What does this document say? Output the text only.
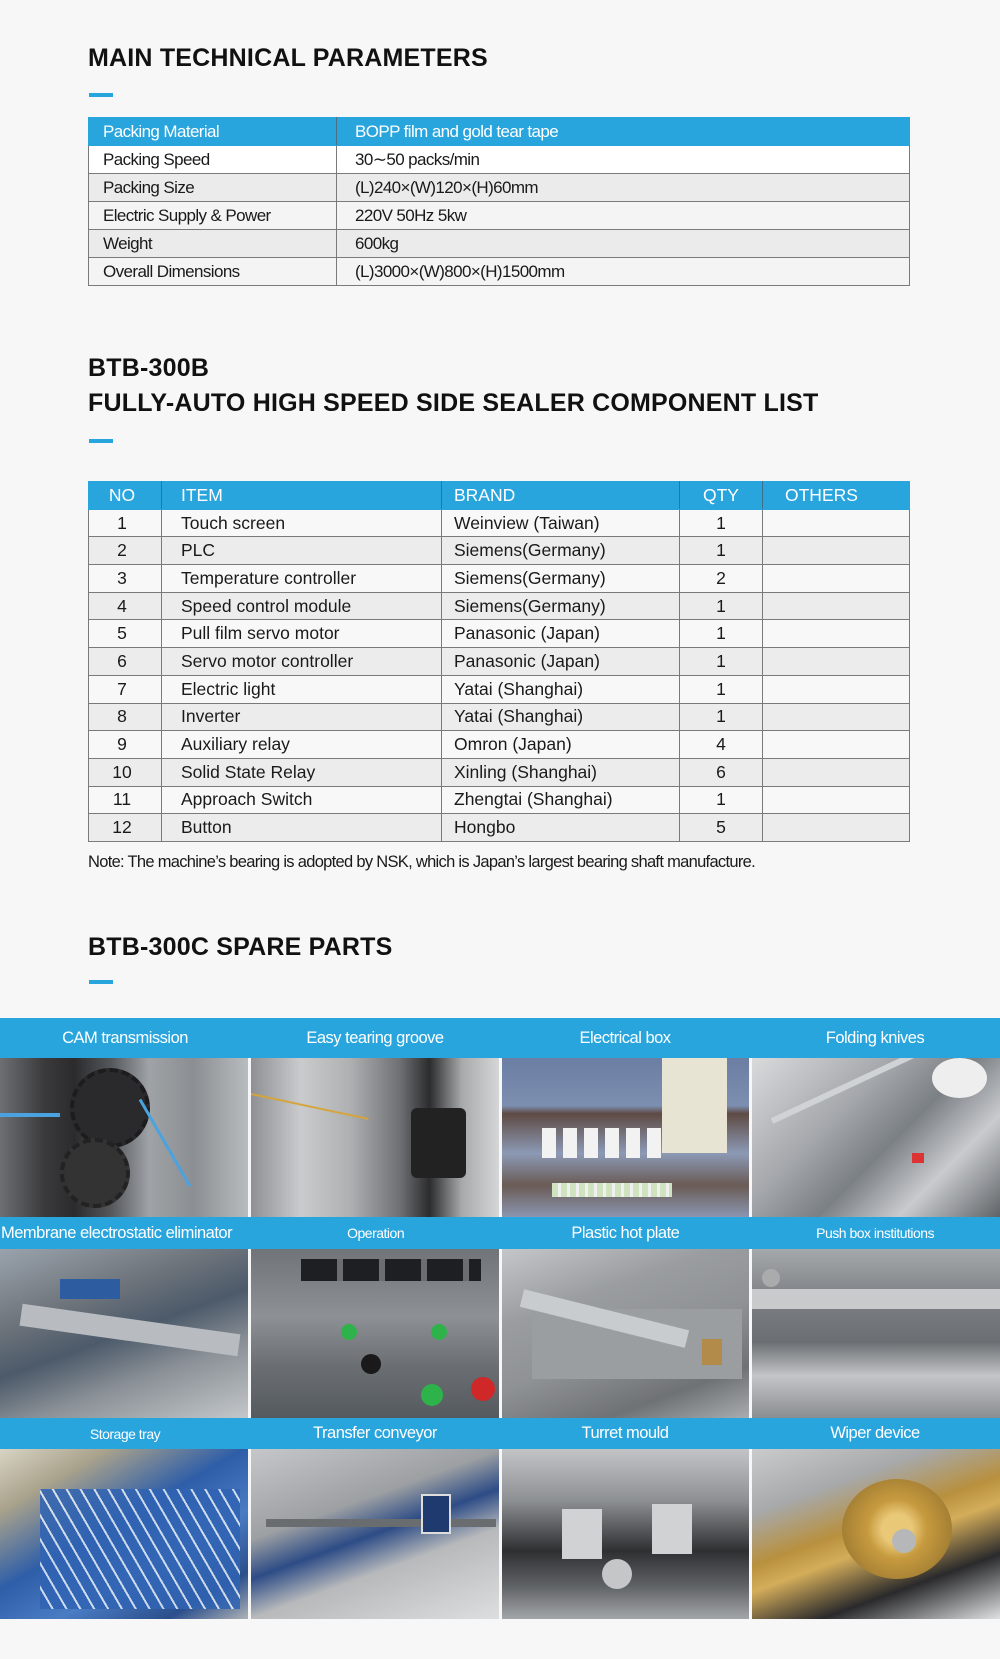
MAIN TECHNICAL PARAMETERS
Packing Material	BOPP film and gold tear tape
Packing Speed	30∼50 packs/min
Packing Size	(L)240×(W)120×(H)60mm
Electric Supply & Power	220V 50Hz 5kw
Weight	600kg
Overall Dimensions	(L)3000×(W)800×(H)1500mm
BTB-300B
FULLY-AUTO HIGH SPEED SIDE SEALER COMPONENT LIST
NO	ITEM	BRAND	QTY	OTHERS
1	Touch screen	Weinview (Taiwan)	1	
2	PLC	Siemens(Germany)	1	
3	Temperature controller	Siemens(Germany)	2	
4	Speed control module	Siemens(Germany)	1	
5	Pull film servo motor	Panasonic (Japan)	1	
6	Servo motor controller	Panasonic (Japan)	1	
7	Electric light	Yatai (Shanghai)	1	
8	Inverter	Yatai (Shanghai)	1	
9	Auxiliary relay	Omron (Japan)	4	
10	Solid State Relay	Xinling (Shanghai)	6	
11	Approach Switch	Zhengtai (Shanghai)	1	
12	Button	Hongbo	5	
Note: The machine’s bearing is adopted by NSK, which is Japan’s largest bearing shaft manufacture.
BTB-300C SPARE PARTS
CAM transmission	Easy tearing groove	Electrical box	Folding knives
Membrane electrostatic eliminator	Operation	Plastic hot plate	Push box institutions
Storage tray	Transfer conveyor	Turret mould	Wiper device
